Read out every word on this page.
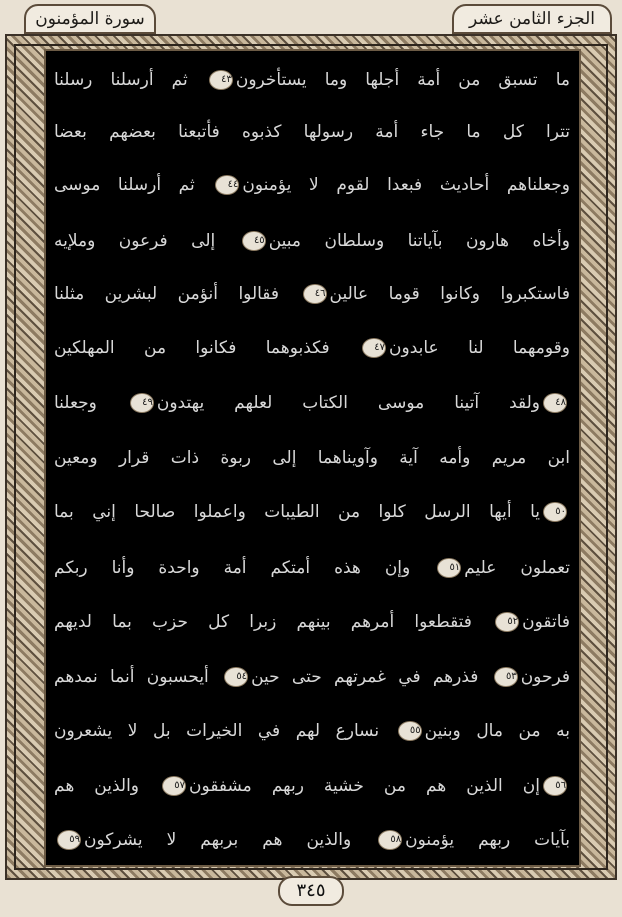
سورة المؤمنون	الجزء الثامن عشر
ما تسبق من أمة أجلها وما يستأخرون٤٣ ثم أرسلنا رسلنا
تترا كل ما جاء أمة رسولها كذبوه فأتبعنا بعضهم بعضا
وجعلناهم أحاديث فبعدا لقوم لا يؤمنون٤٤ ثم أرسلنا موسى
وأخاه هارون بآياتنا وسلطان مبين٤٥ إلى فرعون وملإيه
فاستكبروا وكانوا قوما عالين٤٦ فقالوا أنؤمن لبشرين مثلنا
وقومهما لنا عابدون٤٧ فكذبوهما فكانوا من المهلكين
٤٨ولقد آتينا موسى الكتاب لعلهم يهتدون٤٩ وجعلنا
ابن مريم وأمه آية وآويناهما إلى ربوة ذات قرار ومعين
٥٠يا أيها الرسل كلوا من الطيبات واعملوا صالحا إني بما
تعملون عليم٥١ وإن هذه أمتكم أمة واحدة وأنا ربكم
فاتقون٥٢ فتقطعوا أمرهم بينهم زبرا كل حزب بما لديهم
فرحون٥٣ فذرهم في غمرتهم حتى حين٥٤ أيحسبون أنما نمدهم
به من مال وبنين٥٥ نسارع لهم في الخيرات بل لا يشعرون
٥٦إن الذين هم من خشية ربهم مشفقون٥٧ والذين هم
بآيات ربهم يؤمنون٥٨ والذين هم بربهم لا يشركون٥٩
٣٤٥
